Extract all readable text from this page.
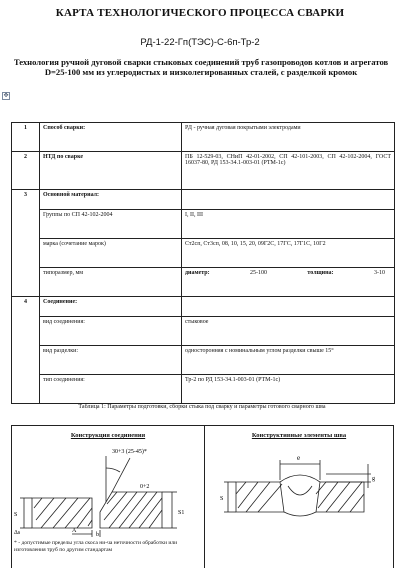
КАРТА ТЕХНОЛОГИЧЕСКОГО ПРОЦЕССА СВАРКИ
РД-1-22-Гп(ТЭС)-С-6п-Тр-2
Технология ручной дуговой сварки стыковых соединений труб газопроводов котлов и агрегатов D=25-100 мм из углеродистых и низколегированных сталей, с разделкой кромок
✥
1	Способ сварки:	РД - ручная дуговая покрытыми электродами
2	НТД по сварке	ПБ 12-529-03, СНиП 42-01-2002, СП 42-101-2003, СП 42-102-2004, ГОСТ 16037-80, РД 153-34.1-003-01 (РТМ-1с)
3	Основной материал:	
	Группы по СП 42-102-2004	I, II, III
	марка (сочетание марок)	Ст2сп, Ст3сп, 08, 10, 15, 20, 09Г2С, 17ГС, 17Г1С, 10Г2
	типоразмер, мм	диаметр: 25-100 толщина: 3-10

4	Соединение:	
	вид соединения:	стыковое
	вид разделки:	односторонняя с номинальным углом разделки свыше 15°
	тип соединения:	Тр-2 по РД 153-34.1-003-01 (РТМ-1с)
Таблица 1: Параметры подготовки, сборки стыка под сварку и параметры готового сварного шва
Конструкция соединения	Конструктивные элементы шва
30+3 (25-45)*
S1
S
Δs	b
A
0+2
e
S
g
* - допустимые пределы угла скоса ни-ча неточности обработки или изготовления труб по другим стандартам
